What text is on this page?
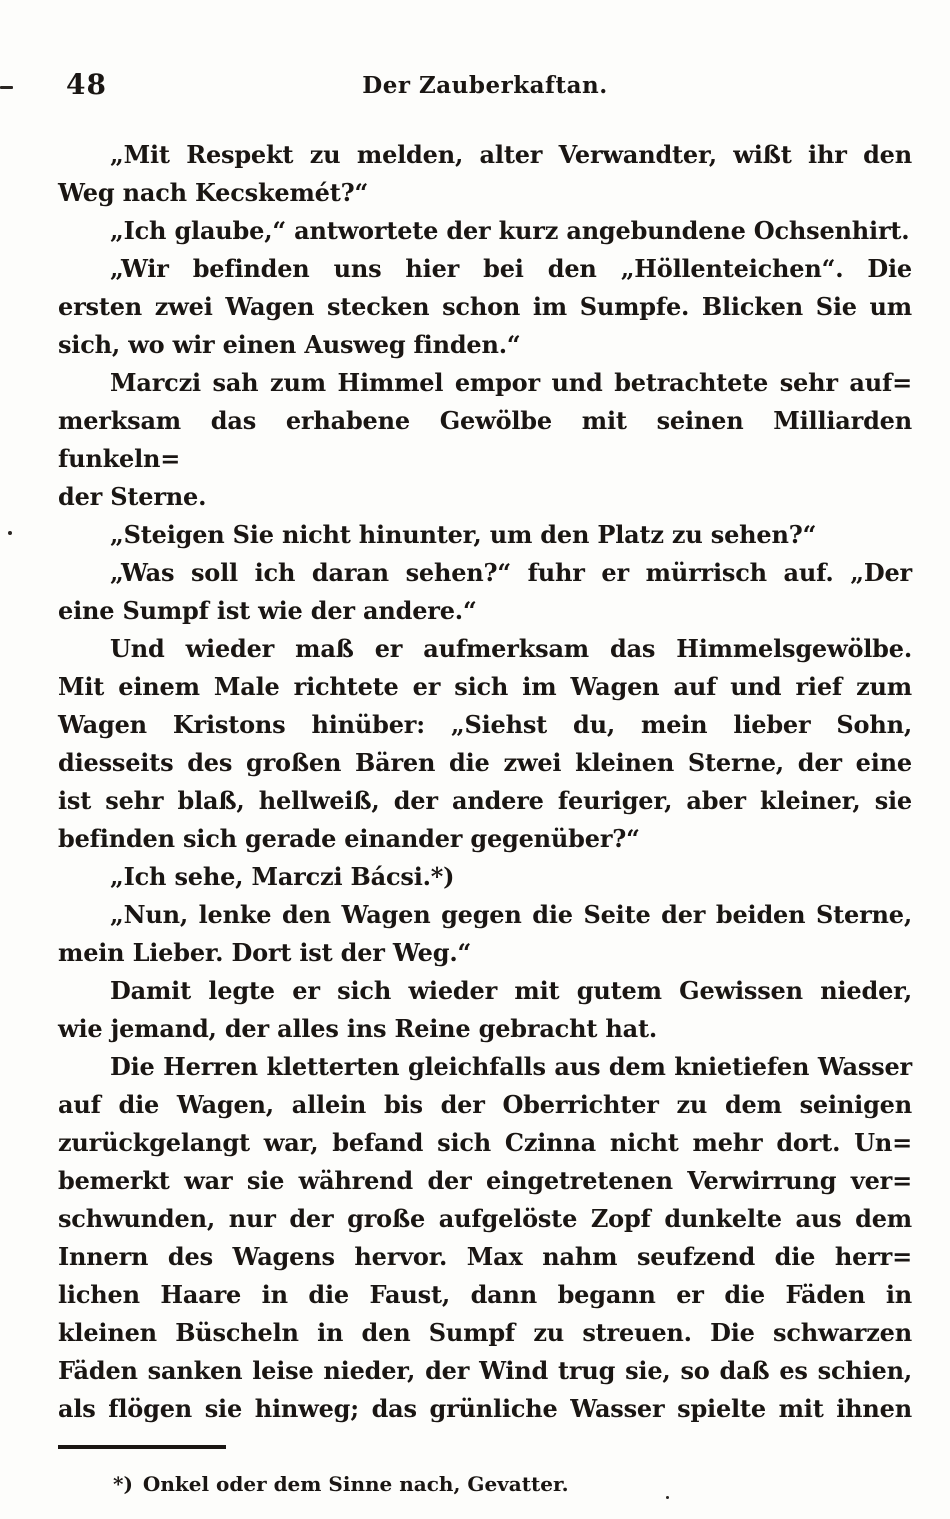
48	Der Zauberkaftan.
„Mit Respekt zu melden, alter Verwandter, wißt ihr den
Weg nach Kecskemét?“
„Ich glaube,“ antwortete der kurz angebundene Ochsenhirt.
„Wir befinden uns hier bei den „Höllenteichen“. Die
ersten zwei Wagen stecken schon im Sumpfe. Blicken Sie um
sich, wo wir einen Ausweg finden.“
Marczi sah zum Himmel empor und betrachtete sehr auf=
merksam das erhabene Gewölbe mit seinen Milliarden funkeln=
der Sterne.
„Steigen Sie nicht hinunter, um den Platz zu sehen?“
„Was soll ich daran sehen?“ fuhr er mürrisch auf. „Der
eine Sumpf ist wie der andere.“
Und wieder maß er aufmerksam das Himmelsgewölbe.
Mit einem Male richtete er sich im Wagen auf und rief zum
Wagen Kristons hinüber: „Siehst du, mein lieber Sohn,
diesseits des großen Bären die zwei kleinen Sterne, der eine
ist sehr blaß, hellweiß, der andere feuriger, aber kleiner, sie
befinden sich gerade einander gegenüber?“
„Ich sehe, Marczi Bácsi.*)
„Nun, lenke den Wagen gegen die Seite der beiden Sterne,
mein Lieber. Dort ist der Weg.“
Damit legte er sich wieder mit gutem Gewissen nieder,
wie jemand, der alles ins Reine gebracht hat.
Die Herren kletterten gleichfalls aus dem knietiefen Wasser
auf die Wagen, allein bis der Oberrichter zu dem seinigen
zurückgelangt war, befand sich Czinna nicht mehr dort. Un=
bemerkt war sie während der eingetretenen Verwirrung ver=
schwunden, nur der große aufgelöste Zopf dunkelte aus dem
Innern des Wagens hervor. Max nahm seufzend die herr=
lichen Haare in die Faust, dann begann er die Fäden in
kleinen Büscheln in den Sumpf zu streuen. Die schwarzen
Fäden sanken leise nieder, der Wind trug sie, so daß es schien,
als flögen sie hinweg; das grünliche Wasser spielte mit ihnen
*) Onkel oder dem Sinne nach, Gevatter.
